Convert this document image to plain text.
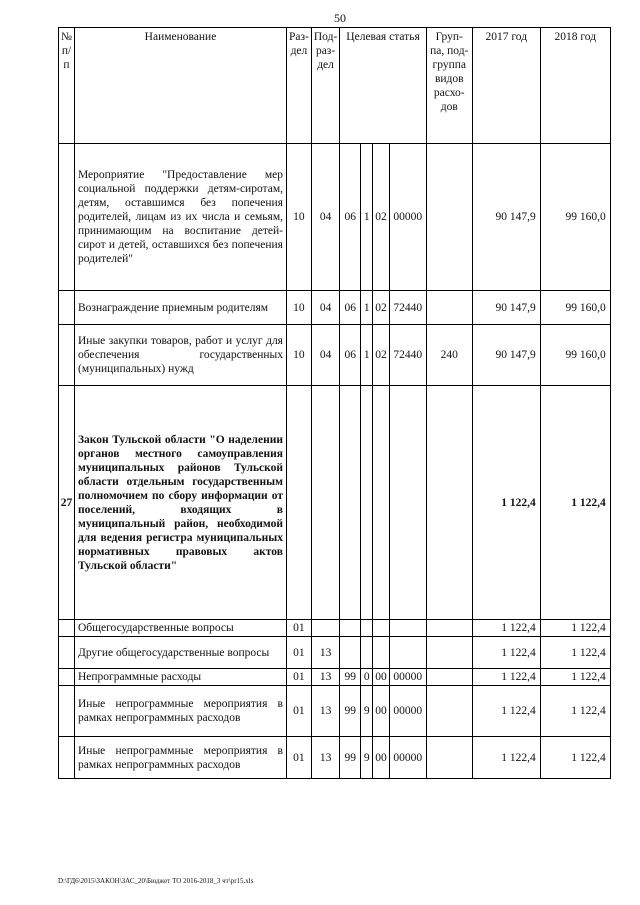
50
№ п/п	Наименование	Раз-дел	Под-раз-дел	Целевая статья				Груп-па, под-группа видов расхо-дов	2017 год	2018 год
	Мероприятие "Предоставление мер социальной поддержки детям-сиротам, детям, оставшимся без попечения родителей, лицам из их числа и семьям, принимающим на воспитание детей-сирот и детей, оставшихся без попечения родителей"	10	04	06	1	02	00000		90 147,9	99 160,0
	Вознаграждение приемным родителям	10	04	06	1	02	72440		90 147,9	99 160,0
	Иные закупки товаров, работ и услуг для обеспечения государственных (муниципальных) нужд	10	04	06	1	02	72440	240	90 147,9	99 160,0
27	Закон Тульской области "О наделении органов местного самоуправления муниципальных районов Тульской области отдельным государственным полномочием по сбору информации от поселений, входящих в муниципальный район, необходимой для ведения регистра муниципальных нормативных правовых актов Тульской области"								1 122,4	1 122,4
	Общегосударственные вопросы	01							1 122,4	1 122,4
	Другие общегосударственные вопросы	01	13						1 122,4	1 122,4
	Непрограммные расходы	01	13	99	0	00	00000		1 122,4	1 122,4
	Иные непрограммные мероприятия в рамках непрограммных расходов	01	13	99	9	00	00000		1 122,4	1 122,4
	Иные непрограммные мероприятия в рамках непрограммных расходов	01	13	99	9	00	00000		1 122,4	1 122,4
D:\ГД6\2015\ЗАКОН\ЗАС_20\Бюджет ТО 2016-2018_3 чт\pr15.xls
